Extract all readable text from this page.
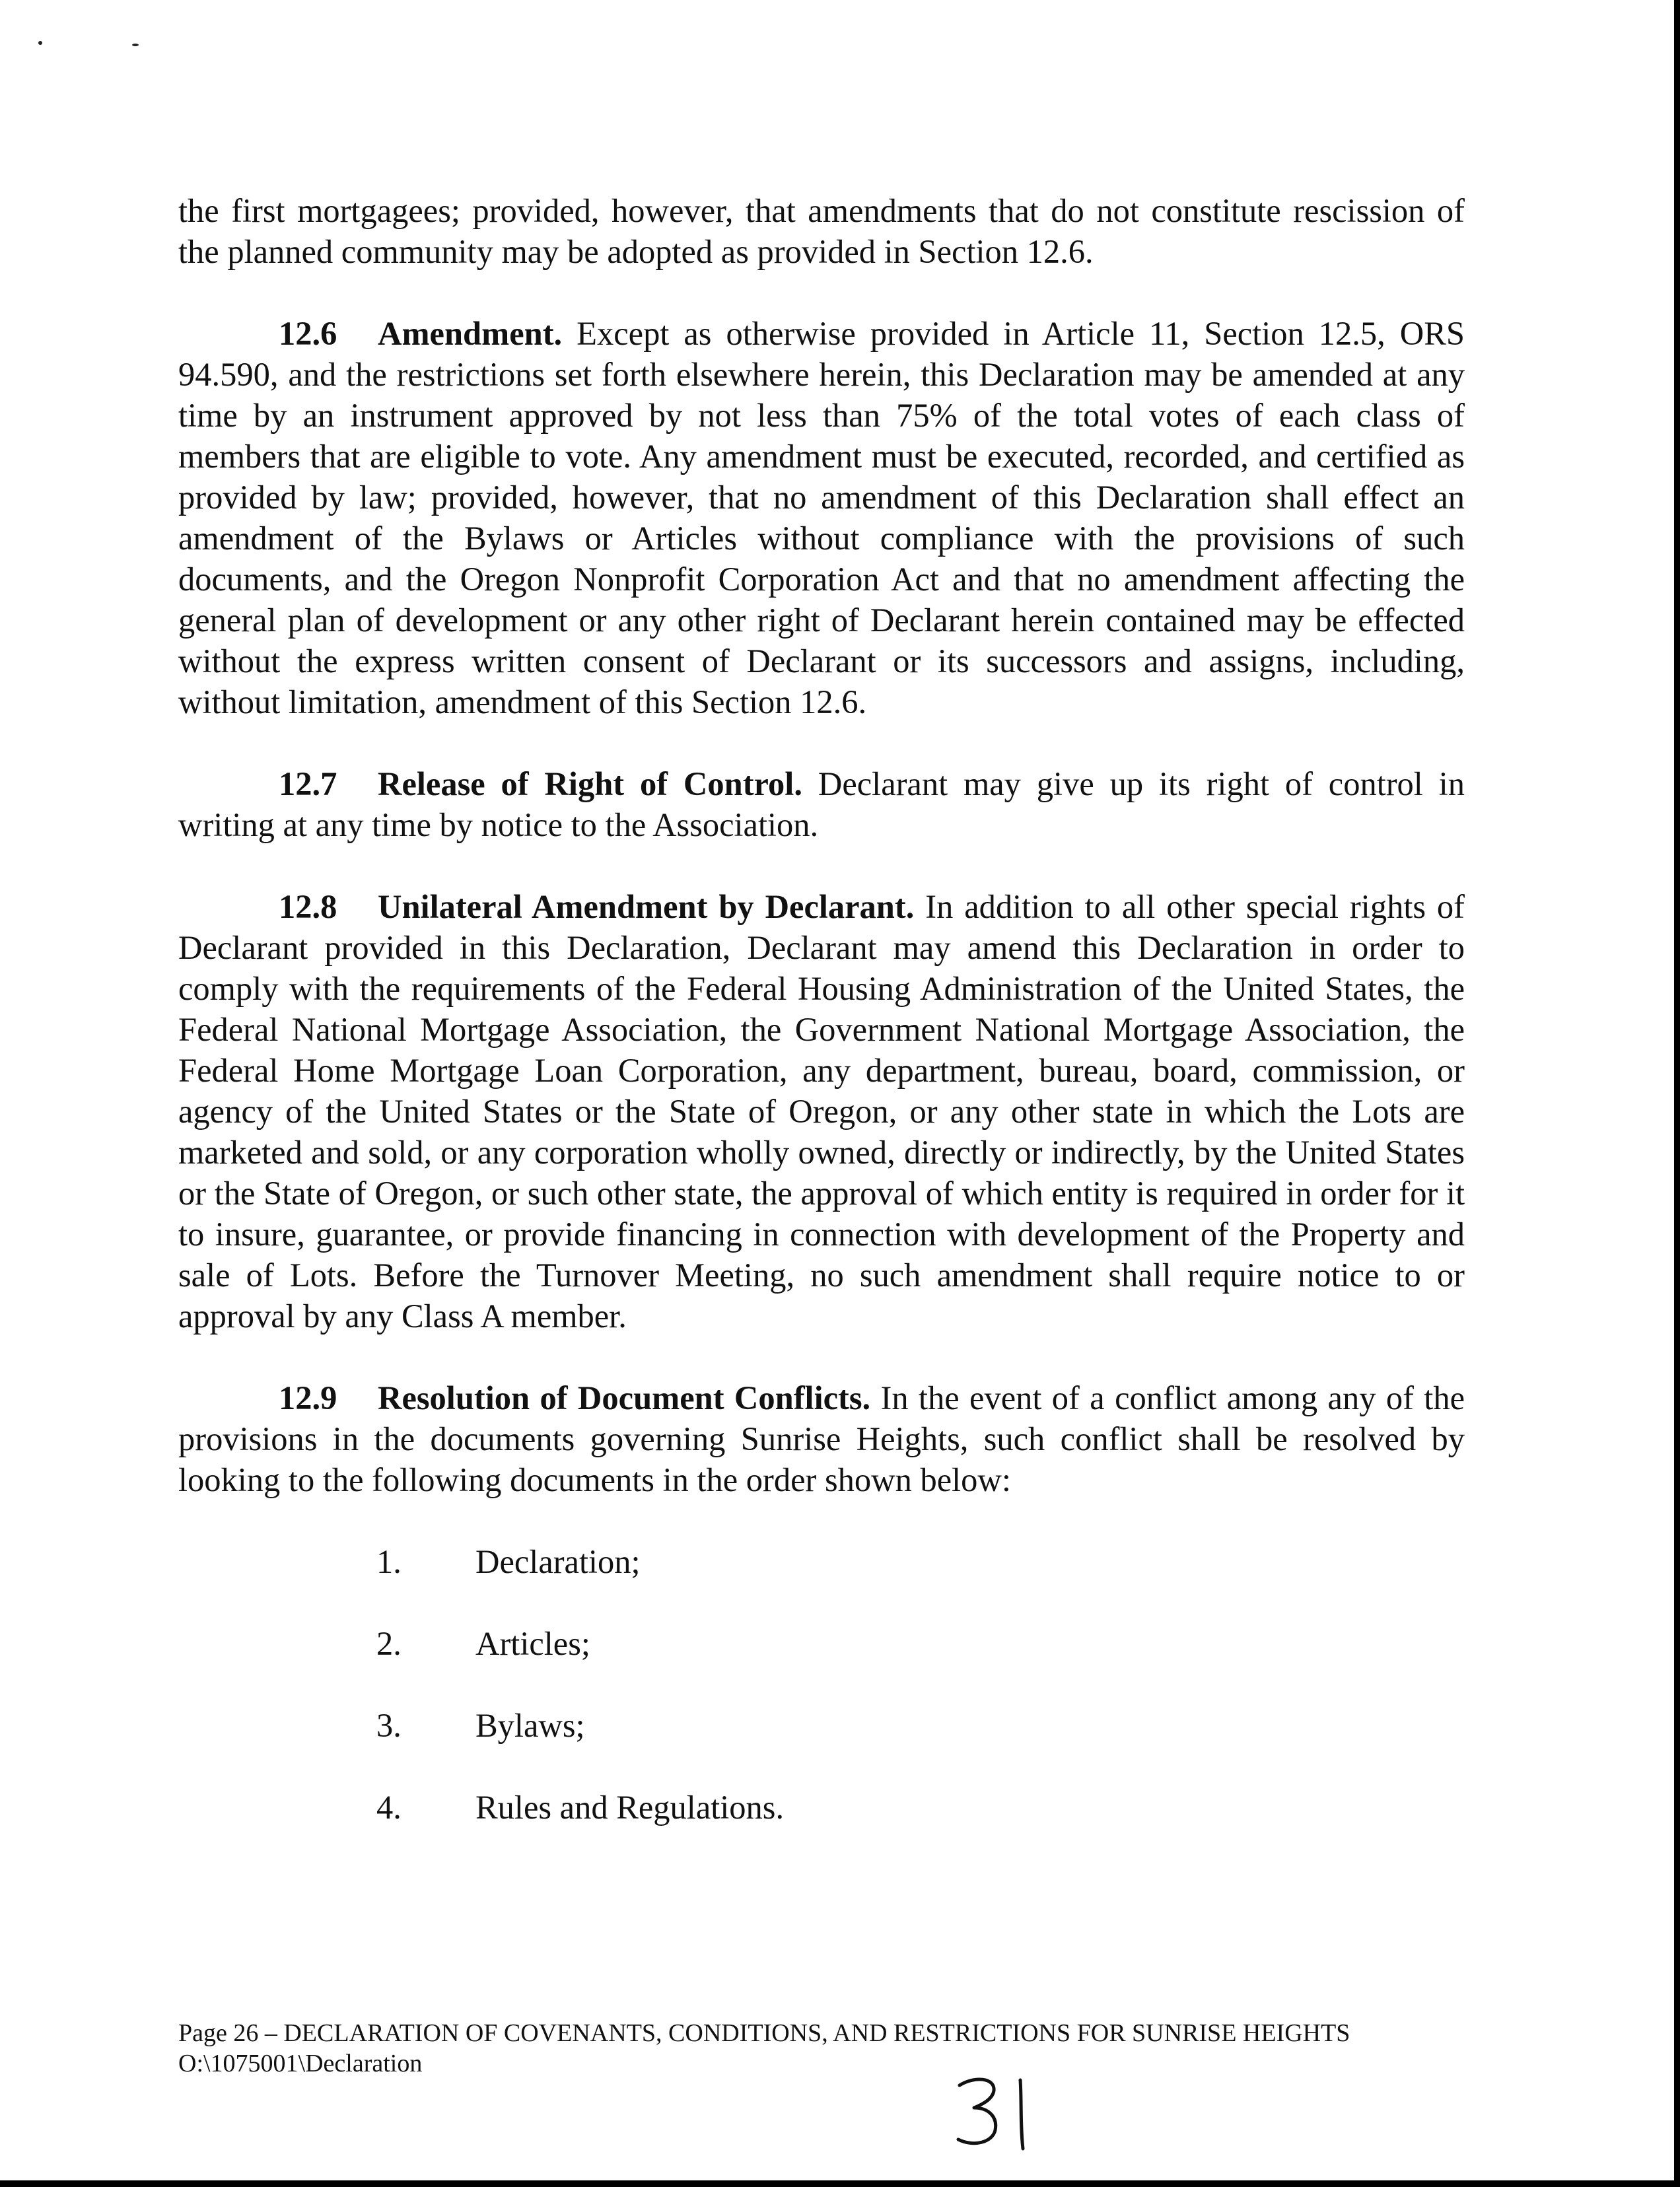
the first mortgagees; provided, however, that amendments that do not constitute rescission of the planned community may be adopted as provided in Section 12.6.

12.6 Amendment. Except as otherwise provided in Article 11, Section 12.5, ORS 94.590, and the restrictions set forth elsewhere herein, this Declaration may be amended at any time by an instrument approved by not less than 75% of the total votes of each class of members that are eligible to vote. Any amendment must be executed, recorded, and certified as provided by law; provided, however, that no amendment of this Declaration shall effect an amendment of the Bylaws or Articles without compliance with the provisions of such documents, and the Oregon Nonprofit Corporation Act and that no amendment affecting the general plan of development or any other right of Declarant herein contained may be effected without the express written consent of Declarant or its successors and assigns, including, without limitation, amendment of this Section 12.6.

12.7 Release of Right of Control. Declarant may give up its right of control in writing at any time by notice to the Association.

12.8 Unilateral Amendment by Declarant. In addition to all other special rights of Declarant provided in this Declaration, Declarant may amend this Declaration in order to comply with the requirements of the Federal Housing Administration of the United States, the Federal National Mortgage Association, the Government National Mortgage Association, the Federal Home Mortgage Loan Corporation, any department, bureau, board, commission, or agency of the United States or the State of Oregon, or any other state in which the Lots are marketed and sold, or any corporation wholly owned, directly or indirectly, by the United States or the State of Oregon, or such other state, the approval of which entity is required in order for it to insure, guarantee, or provide financing in connection with development of the Property and sale of Lots. Before the Turnover Meeting, no such amendment shall require notice to or approval by any Class A member.

12.9 Resolution of Document Conflicts. In the event of a conflict among any of the provisions in the documents governing Sunrise Heights, such conflict shall be resolved by looking to the following documents in the order shown below:

1.	Declaration;
2.	Articles;
3.	Bylaws;
4.	Rules and Regulations.
Page 26 – DECLARATION OF COVENANTS, CONDITIONS, AND RESTRICTIONS FOR SUNRISE HEIGHTS
O:\1075001\Declaration
